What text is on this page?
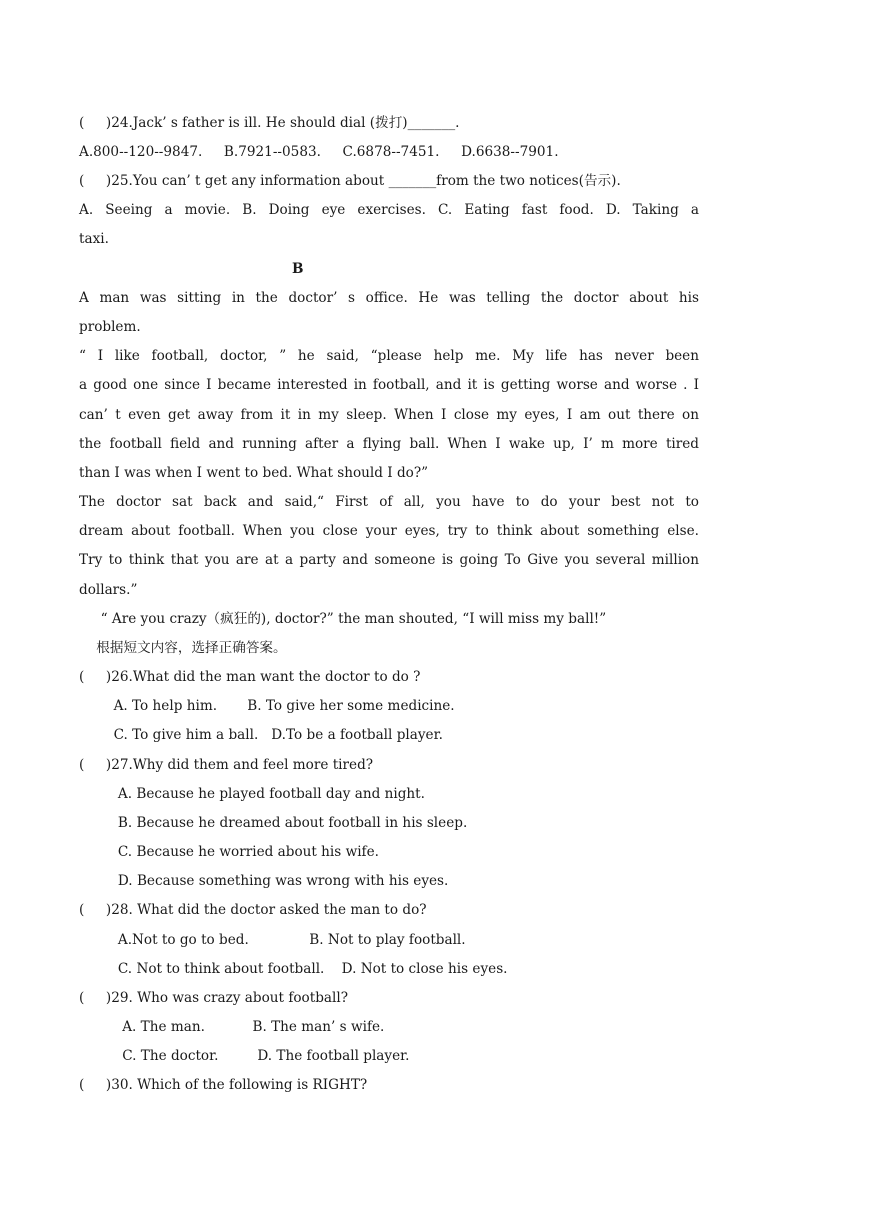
(     )24.Jack’ s father is ill. He should dial (拨打)_______.
A.800--120--9847.     B.7921--0583.     C.6878--7451.     D.6638--7901.
(     )25.You can’ t get any information about _______from the two notices(告示).
A. Seeing a movie. B. Doing eye exercises. C. Eating fast food. D. Taking a
taxi.
B
A man was sitting in the doctor’ s office. He was telling the doctor about his
problem.
“ I like football, doctor, ” he said, “please help me. My life has never been
a good one since I became interested in football, and it is getting worse and worse . I
can’ t even get away from it in my sleep. When I close my eyes, I am out there on
the football field and running after a flying ball. When I wake up, I’ m more tired
than I was when I went to bed. What should I do?”
The doctor sat back and said,“ First of all, you have to do your best not to
dream about football. When you close your eyes, try to think about something else.
Try to think that you are at a party and someone is going To Give you several million
dollars.”
“ Are you crazy（疯狂的), doctor?” the man shouted, “I will miss my ball!”
根据短文内容，选择正确答案。
(     )26.What did the man want the doctor to do ?
A. To help him.       B. To give her some medicine.
C. To give him a ball.   D.To be a football player.
(     )27.Why did them and feel more tired?
A. Because he played football day and night.
B. Because he dreamed about football in his sleep.
C. Because he worried about his wife.
D. Because something was wrong with his eyes.
(     )28. What did the doctor asked the man to do?
A.Not to go to bed.              B. Not to play football.
C. Not to think about football.    D. Not to close his eyes.
(     )29. Who was crazy about football?
A. The man.           B. The man’ s wife.
C. The doctor.         D. The football player.
(     )30. Which of the following is RIGHT?
